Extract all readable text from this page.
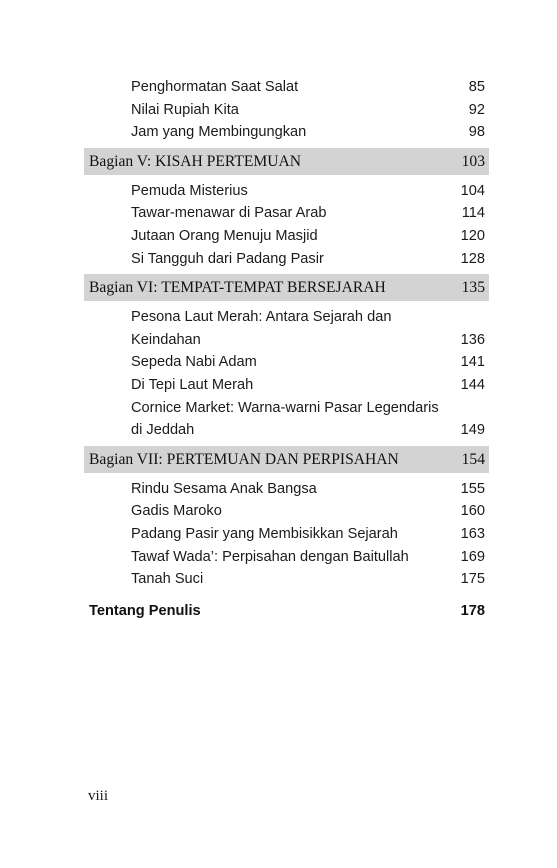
Penghormatan Saat Salat	85
Nilai Rupiah Kita	92
Jam yang Membingungkan	98
Bagian V: KISAH PERTEMUAN	103
Pemuda Misterius	104
Tawar-menawar di Pasar Arab	114
Jutaan Orang Menuju Masjid	120
Si Tangguh dari Padang Pasir	128
Bagian VI: TEMPAT-TEMPAT BERSEJARAH	135
Pesona Laut Merah: Antara Sejarah dan
Keindahan	136
Sepeda Nabi Adam	141
Di Tepi Laut Merah	144
Cornice Market: Warna-warni Pasar Legendaris
di Jeddah	149
Bagian VII: PERTEMUAN DAN PERPISAHAN	154
Rindu Sesama Anak Bangsa	155
Gadis Maroko	160
Padang Pasir yang Membisikkan Sejarah	163
Tawaf Wada’: Perpisahan dengan Baitullah	169
Tanah Suci	175
Tentang Penulis	178
viii
